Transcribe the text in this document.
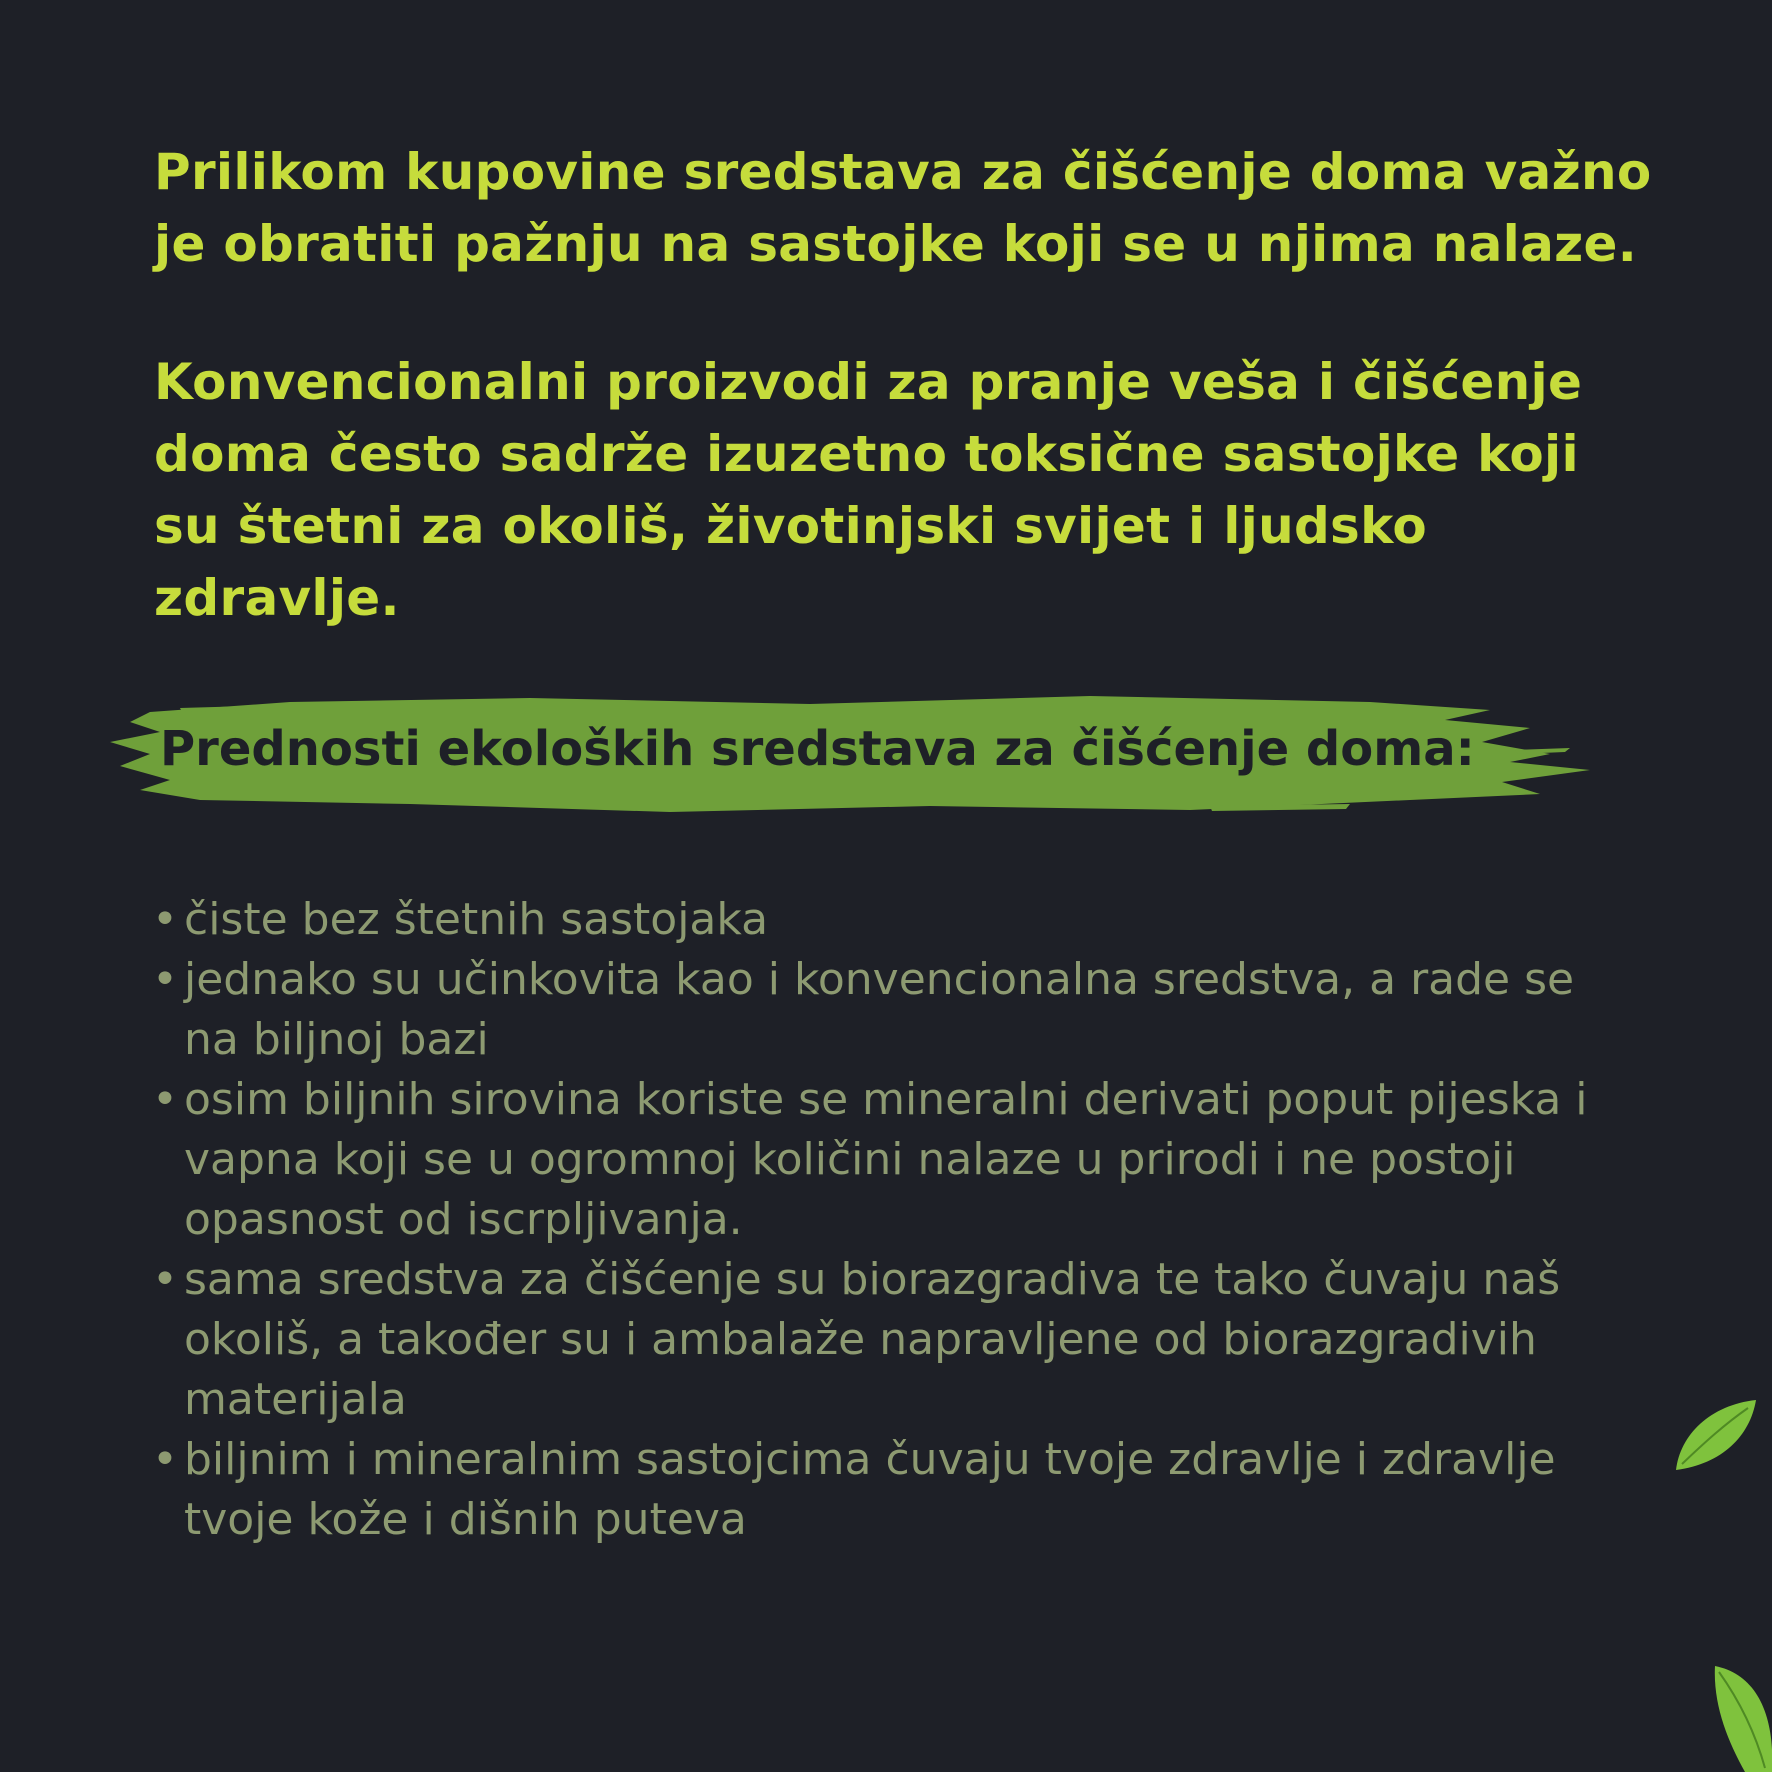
Prilikom kupovine sredstava za čišćenje doma važno je obratiti pažnju na sastojke koji se u njima nalaze.

Konvencionalni proizvodi za pranje veša i čišćenje doma često sadrže izuzetno toksične sastojke koji su štetni za okoliš, životinjski svijet i ljudsko zdravlje.

Prednosti ekoloških sredstava za čišćenje doma:
• čiste bez štetnih sastojaka
• jednako su učinkovita kao i konvencionalna sredstva, a rade se na biljnoj bazi
• osim biljnih sirovina koriste se mineralni derivati poput pijeska i vapna koji se u ogromnoj količini nalaze u prirodi i ne postoji opasnost od iscrpljivanja.
• sama sredstva za čišćenje su biorazgradiva te tako čuvaju naš okoliš, a također su i ambalaže napravljene od biorazgradivih materijala
• biljnim i mineralnim sastojcima čuvaju tvoje zdravlje i zdravlje tvoje kože i dišnih puteva
